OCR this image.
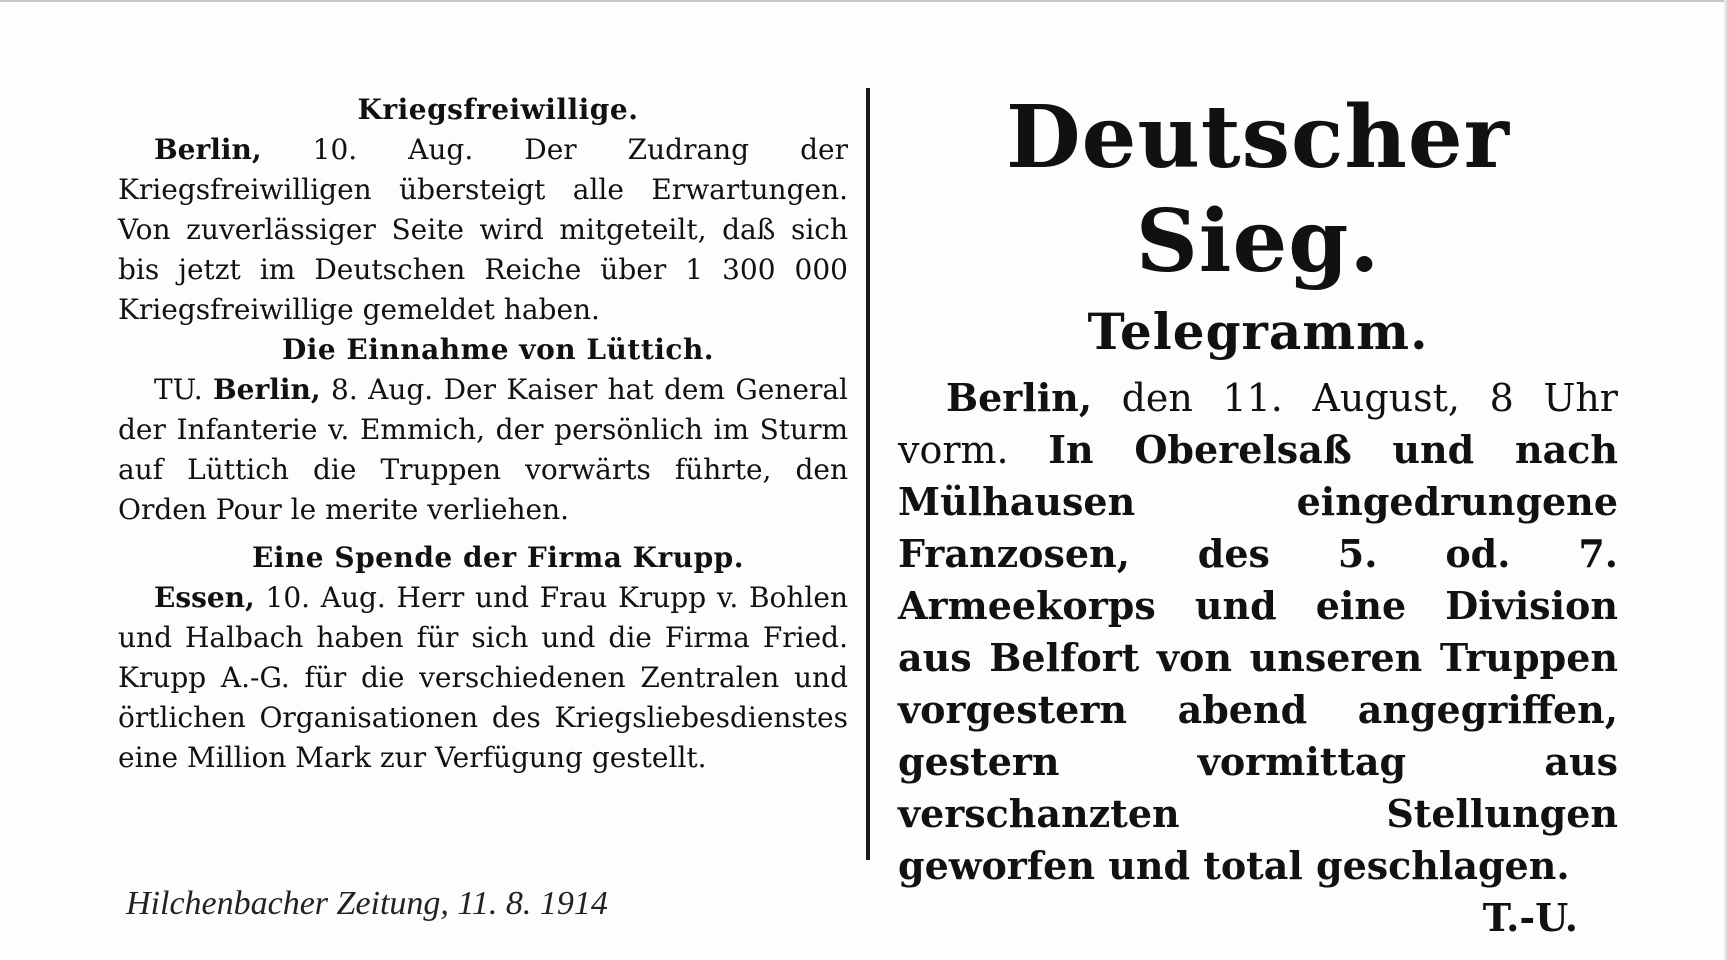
Kriegsfreiwillige.

Berlin, 10. Aug. Der Zudrang der Kriegsfreiwilligen übersteigt alle Erwartungen. Von zuverlässiger Seite wird mitgeteilt, daß sich bis jetzt im Deutschen Reiche über 1 300 000 Kriegsfreiwillige gemeldet haben.

Die Einnahme von Lüttich.

TU. Berlin, 8. Aug. Der Kaiser hat dem General der Infanterie v. Emmich, der persönlich im Sturm auf Lüttich die Truppen vorwärts führte, den Orden Pour le merite verliehen.

Eine Spende der Firma Krupp.

Essen, 10. Aug. Herr und Frau Krupp v. Bohlen und Halbach haben für sich und die Firma Fried. Krupp A.-G. für die verschiedenen Zentralen und örtlichen Organisationen des Kriegsliebesdienstes eine Million Mark zur Verfügung gestellt.

Deutscher Sieg.
Telegramm.

Berlin, den 11. August, 8 Uhr vorm. In Oberelsaß und nach Mülhausen eingedrungene Franzosen, des 5. od. 7. Armeekorps und eine Division aus Belfort von unseren Truppen vorgestern abend angegriffen, gestern vormittag aus verschanzten Stellungen geworfen und total geschlagen.
T.-U.

Hilchenbacher Zeitung, 11. 8. 1914
